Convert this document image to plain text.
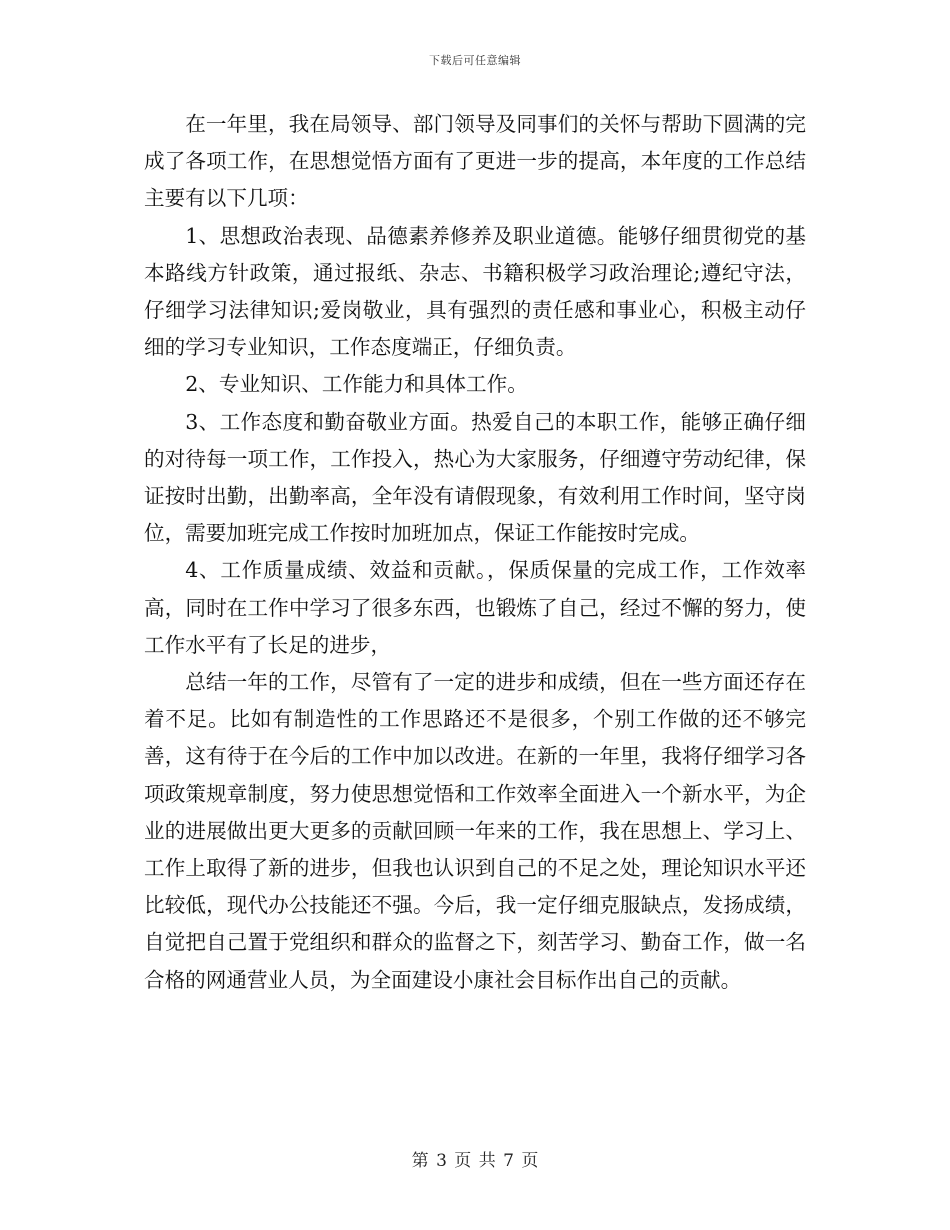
下载后可任意编辑

在一年里，我在局领导、部门领导及同事们的关怀与帮助下圆满的完成了各项工作，在思想觉悟方面有了更进一步的提高，本年度的工作总结主要有以下几项：

1、思想政治表现、品德素养修养及职业道德。能够仔细贯彻党的基本路线方针政策，通过报纸、杂志、书籍积极学习政治理论;遵纪守法，仔细学习法律知识;爱岗敬业，具有强烈的责任感和事业心，积极主动仔细的学习专业知识，工作态度端正，仔细负责。

2、专业知识、工作能力和具体工作。

3、工作态度和勤奋敬业方面。热爱自己的本职工作，能够正确仔细的对待每一项工作，工作投入，热心为大家服务，仔细遵守劳动纪律，保证按时出勤，出勤率高，全年没有请假现象，有效利用工作时间，坚守岗位，需要加班完成工作按时加班加点，保证工作能按时完成。

4、工作质量成绩、效益和贡献。，保质保量的完成工作，工作效率高，同时在工作中学习了很多东西，也锻炼了自己，经过不懈的努力，使工作水平有了长足的进步，

总结一年的工作，尽管有了一定的进步和成绩，但在一些方面还存在着不足。比如有制造性的工作思路还不是很多，个别工作做的还不够完善，这有待于在今后的工作中加以改进。在新的一年里，我将仔细学习各项政策规章制度，努力使思想觉悟和工作效率全面进入一个新水平，为企业的进展做出更大更多的贡献回顾一年来的工作，我在思想上、学习上、工作上取得了新的进步，但我也认识到自己的不足之处，理论知识水平还比较低，现代办公技能还不强。今后，我一定仔细克服缺点，发扬成绩，自觉把自己置于党组织和群众的监督之下，刻苦学习、勤奋工作，做一名合格的网通营业人员，为全面建设小康社会目标作出自己的贡献。

第 3 页 共 7 页
